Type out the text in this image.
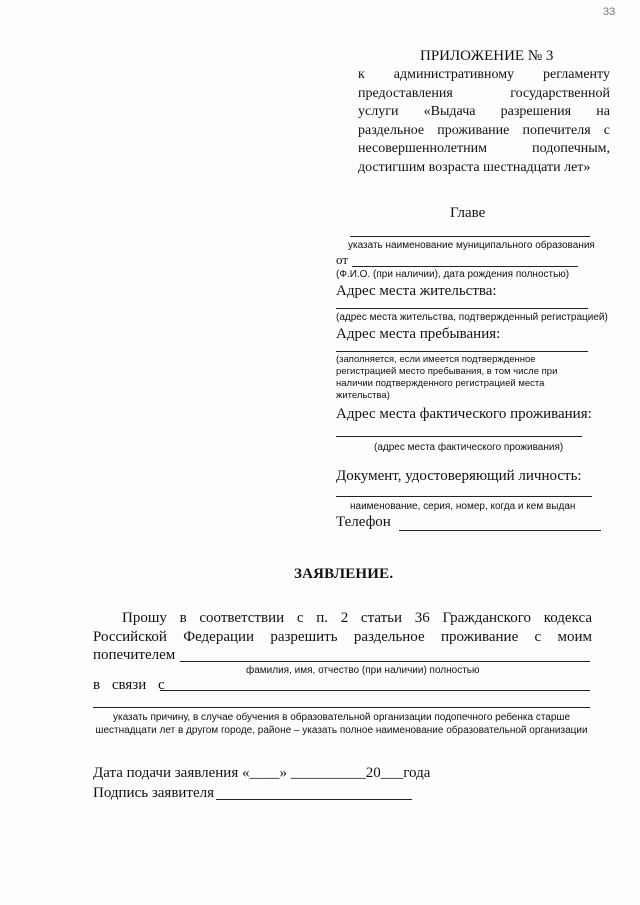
33
ПРИЛОЖЕНИЕ № 3
к административному регламенту
предоставления государственной
услуги «Выдача разрешения на
раздельное проживание попечителя с
несовершеннолетним подопечным,
достигшим возраста шестнадцати лет»
Главе
указать наименование муниципального образования
от
(Ф.И.О. (при наличии), дата рождения полностью)
Адрес места жительства:
(адрес места жительства, подтвержденный регистрацией)
Адрес места пребывания:
(заполняется, если имеется подтвержденное
регистрацией место пребывания, в том числе при
наличии подтвержденного регистрацией места
жительства)
Адрес места фактического проживания:
(адрес места фактического проживания)
Документ, удостоверяющий личность:
наименование, серия, номер, когда и кем выдан
Телефон
ЗАЯВЛЕНИЕ.
Прошу в соответствии с п. 2 статьи 36 Гражданского кодекса
Российской Федерации разрешить раздельное проживание с моим
попечителем
фамилия, имя, отчество (при наличии) полностью
в связи с
указать причину, в случае обучения в образовательной организации подопечного ребенка старше
шестнадцати лет в другом городе, районе – указать полное наименование образовательной организации
Дата подачи заявления «____» __________20___года
Подпись заявителя
